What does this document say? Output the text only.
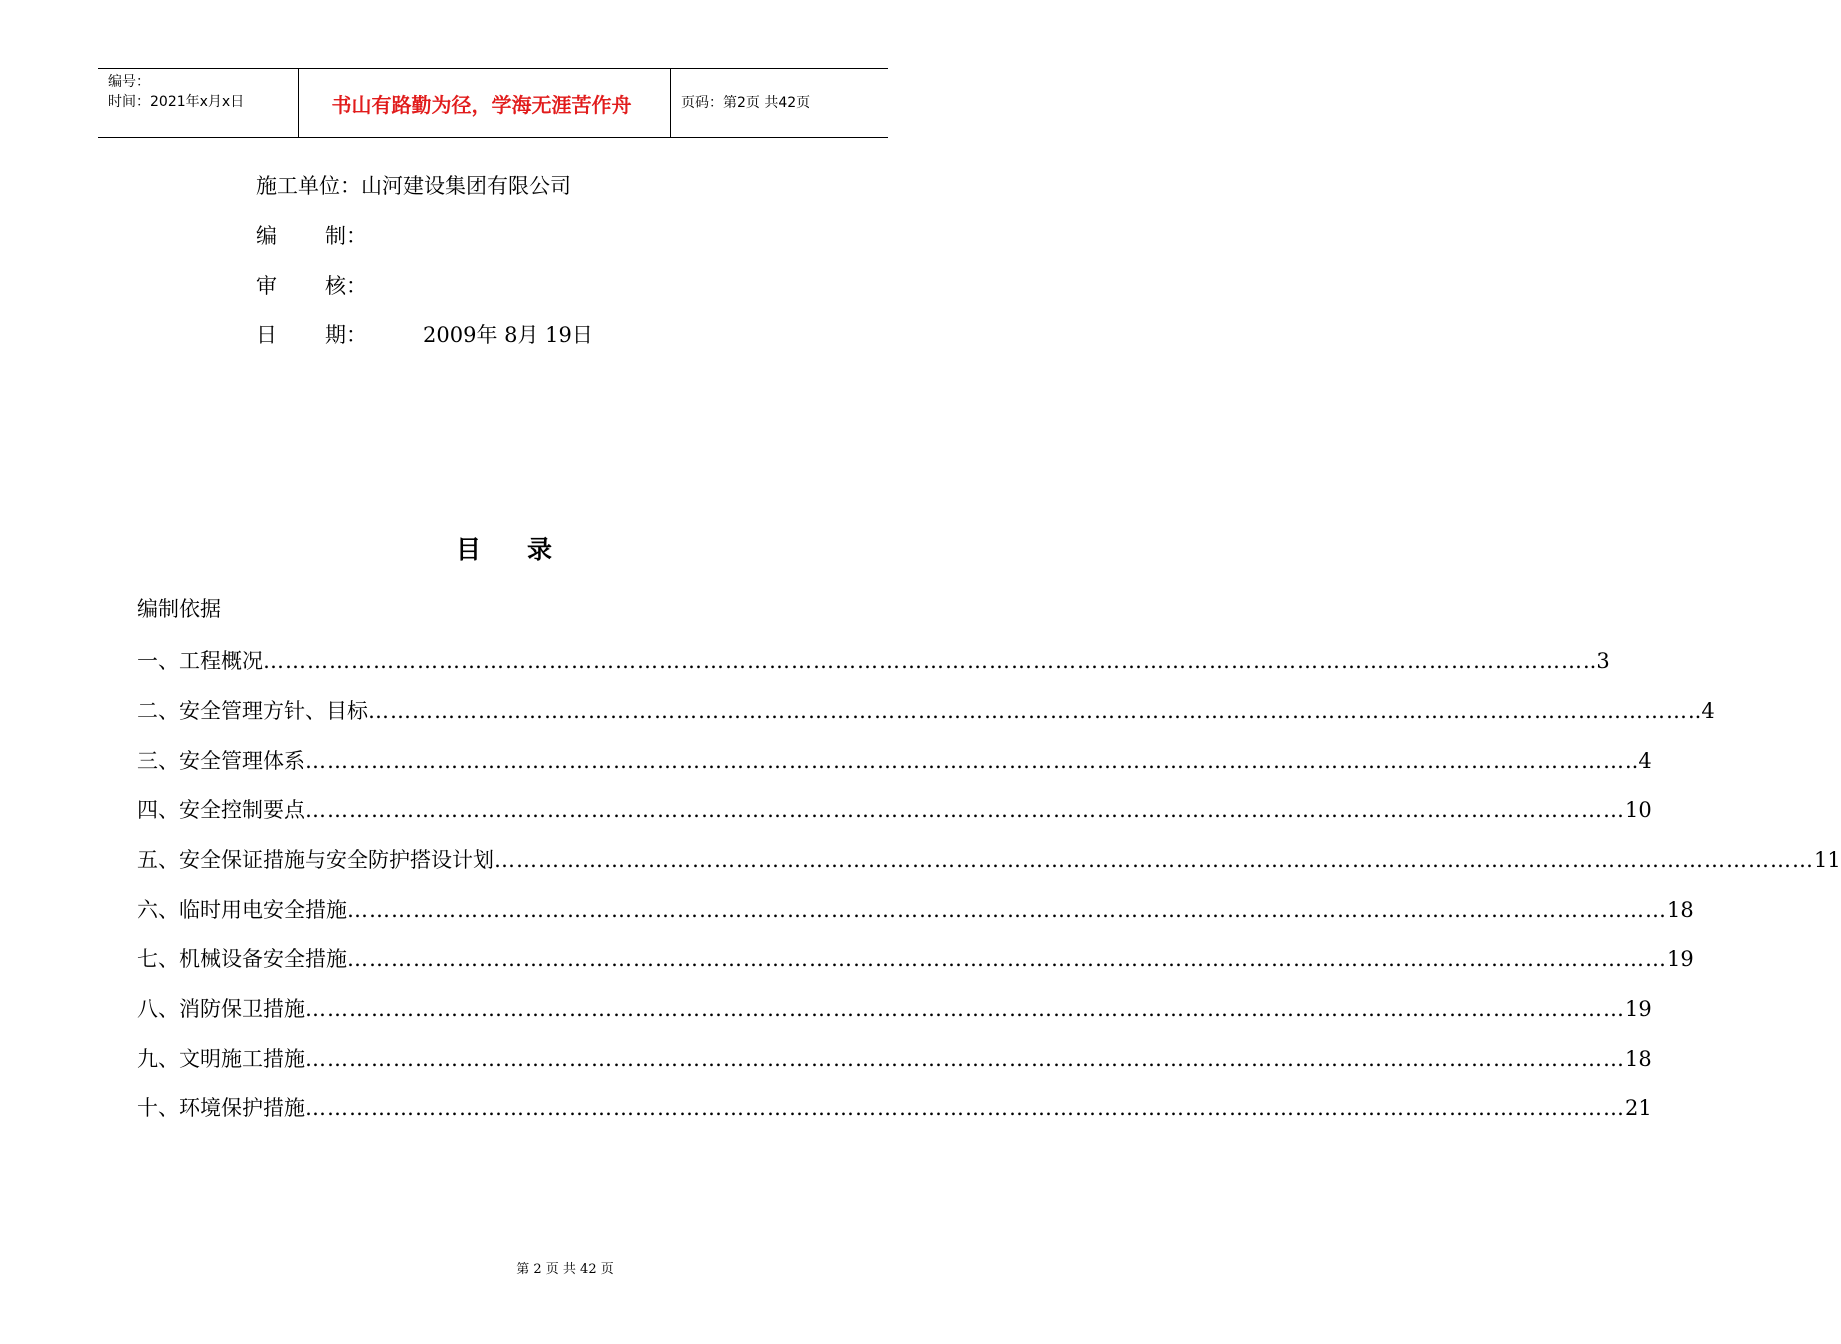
编号：
时间：2021年x月x日	书山有路勤为径，学海无涯苦作舟	页码：第2页 共42页
施工单位：山河建设集团有限公司
编 制：
审 核：
日 期：	2009年 8月 19日
目 录
编制依据
一、工程概况 ……………………………………………………………………………………………………………………………………………………………… ..3
二、安全管理方针、目标 ……………………………………………………………………………………………………………………………………………………………… ..4
三、安全管理体系 ……………………………………………………………………………………………………………………………………………………………… ..4
四、安全控制要点 ……………………………………………………………………………………………………………………………………………………………… 10
五、安全保证措施与安全防护搭设计划 ……………………………………………………………………………………………………………………………………………………………… 11
六、临时用电安全措施 ……………………………………………………………………………………………………………………………………………………………… 18
七、机械设备安全措施 ……………………………………………………………………………………………………………………………………………………………… 19
八、消防保卫措施 ……………………………………………………………………………………………………………………………………………………………… 19
九、文明施工措施 ……………………………………………………………………………………………………………………………………………………………… 18
十、环境保护措施 ……………………………………………………………………………………………………………………………………………………………… 21
第 2 页 共 42 页
